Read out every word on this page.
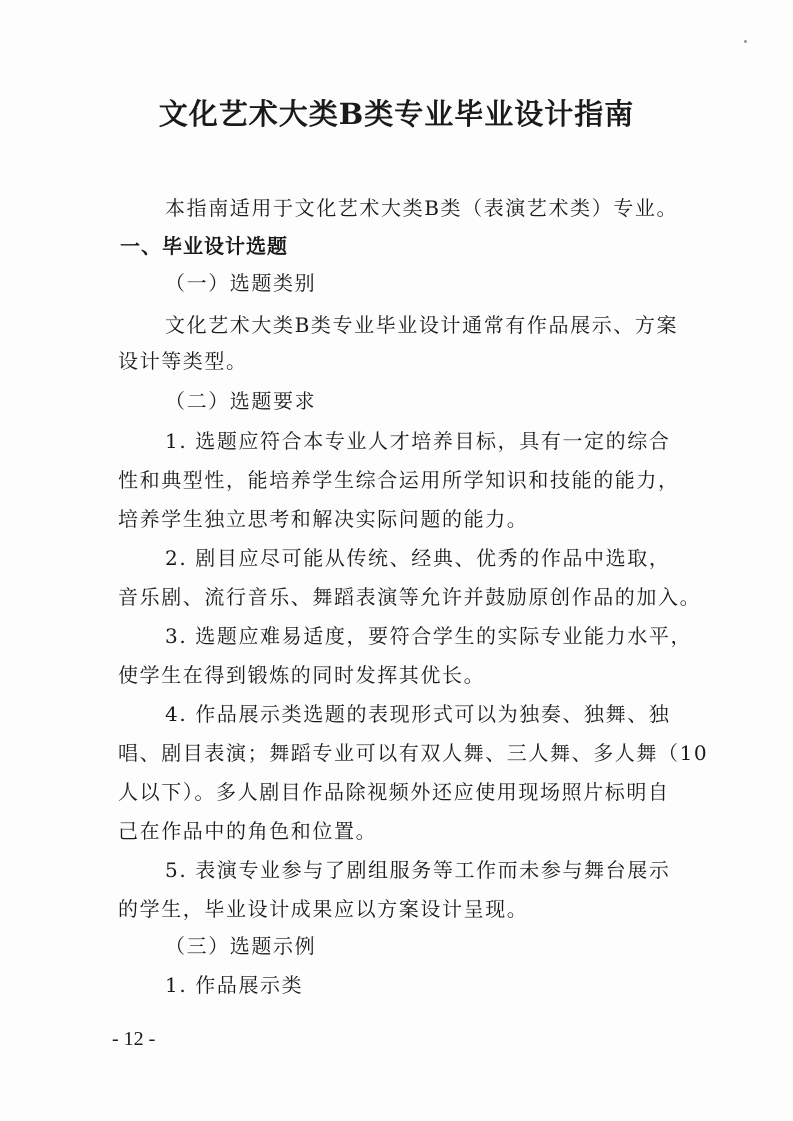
文化艺术大类B类专业毕业设计指南
本指南适用于文化艺术大类B类（表演艺术类）专业。
一、毕业设计选题
（一）选题类别
文化艺术大类B类专业毕业设计通常有作品展示、方案
设计等类型。
（二）选题要求
1. 选题应符合本专业人才培养目标，具有一定的综合
性和典型性，能培养学生综合运用所学知识和技能的能力，
培养学生独立思考和解决实际问题的能力。
2. 剧目应尽可能从传统、经典、优秀的作品中选取，
音乐剧、流行音乐、舞蹈表演等允许并鼓励原创作品的加入。
3. 选题应难易适度，要符合学生的实际专业能力水平，
使学生在得到锻炼的同时发挥其优长。
4. 作品展示类选题的表现形式可以为独奏、独舞、独
唱、剧目表演；舞蹈专业可以有双人舞、三人舞、多人舞（10
人以下）。多人剧目作品除视频外还应使用现场照片标明自
己在作品中的角色和位置。
5. 表演专业参与了剧组服务等工作而未参与舞台展示
的学生，毕业设计成果应以方案设计呈现。
（三）选题示例
1. 作品展示类
- 12 -
